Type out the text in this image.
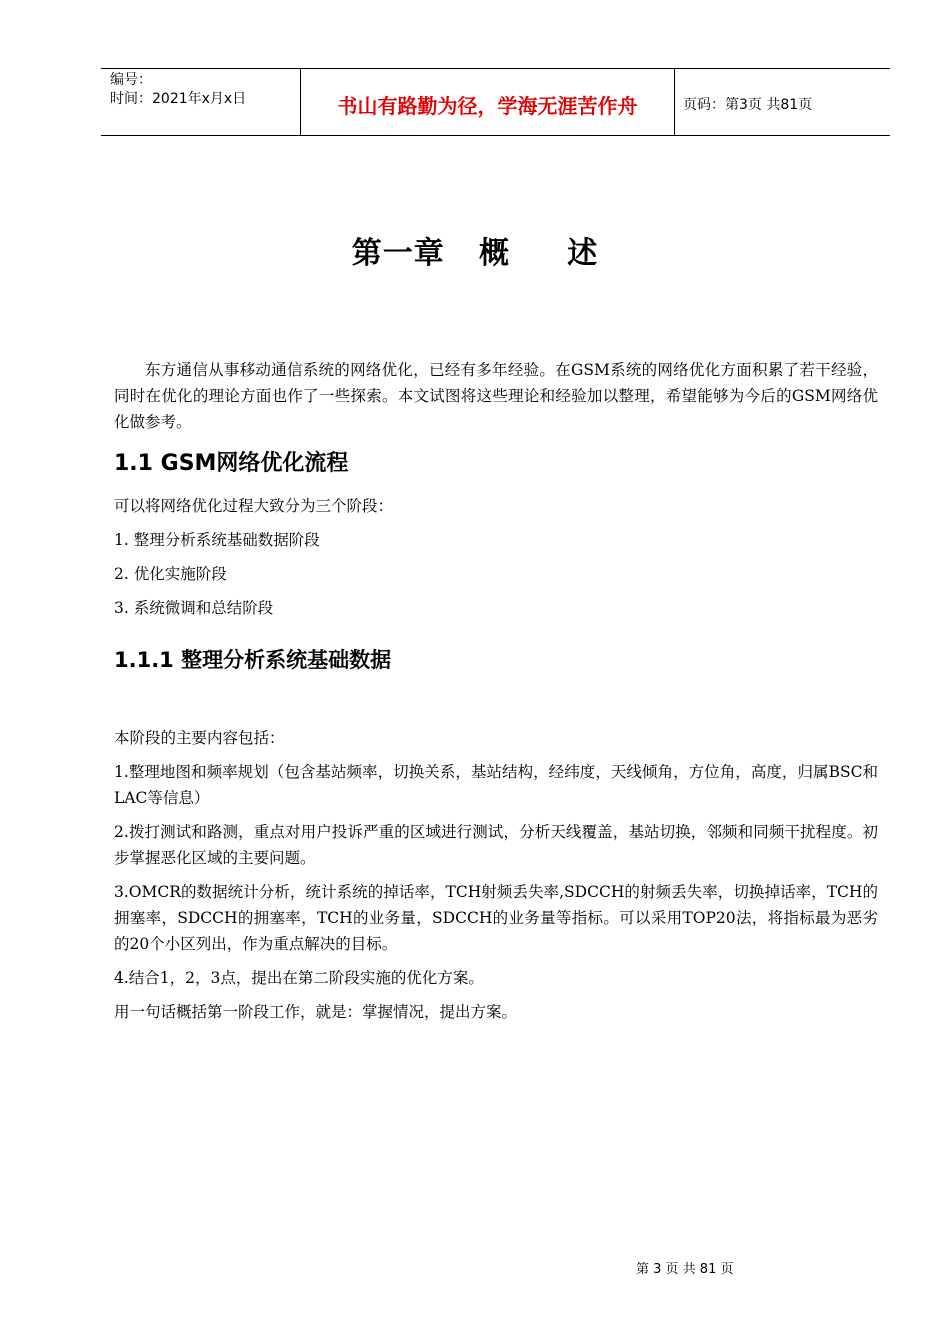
编号：
时间：2021年x月x日	书山有路勤为径，学海无涯苦作舟	页码：第3页 共81页
第一章   概     述

东方通信从事移动通信系统的网络优化，已经有多年经验。在GSM系统的网络优化方面积累了若干经验，同时在优化的理论方面也作了一些探索。本文试图将这些理论和经验加以整理，希望能够为今后的GSM网络优化做参考。

1.1 GSM网络优化流程

可以将网络优化过程大致分为三个阶段：

1. 整理分析系统基础数据阶段

2. 优化实施阶段

3. 系统微调和总结阶段

1.1.1 整理分析系统基础数据

本阶段的主要内容包括：

1.整理地图和频率规划（包含基站频率，切换关系，基站结构，经纬度，天线倾角，方位角，高度，归属BSC和LAC等信息）

2.拨打测试和路测，重点对用户投诉严重的区域进行测试，分析天线覆盖，基站切换，邻频和同频干扰程度。初步掌握恶化区域的主要问题。

3.OMCR的数据统计分析，统计系统的掉话率，TCH射频丢失率,SDCCH的射频丢失率，切换掉话率，TCH的拥塞率，SDCCH的拥塞率，TCH的业务量，SDCCH的业务量等指标。可以采用TOP20法，将指标最为恶劣的20个小区列出，作为重点解决的目标。

4.结合1，2，3点，提出在第二阶段实施的优化方案。

用一句话概括第一阶段工作，就是：掌握情况，提出方案。

第 3 页 共 81 页
